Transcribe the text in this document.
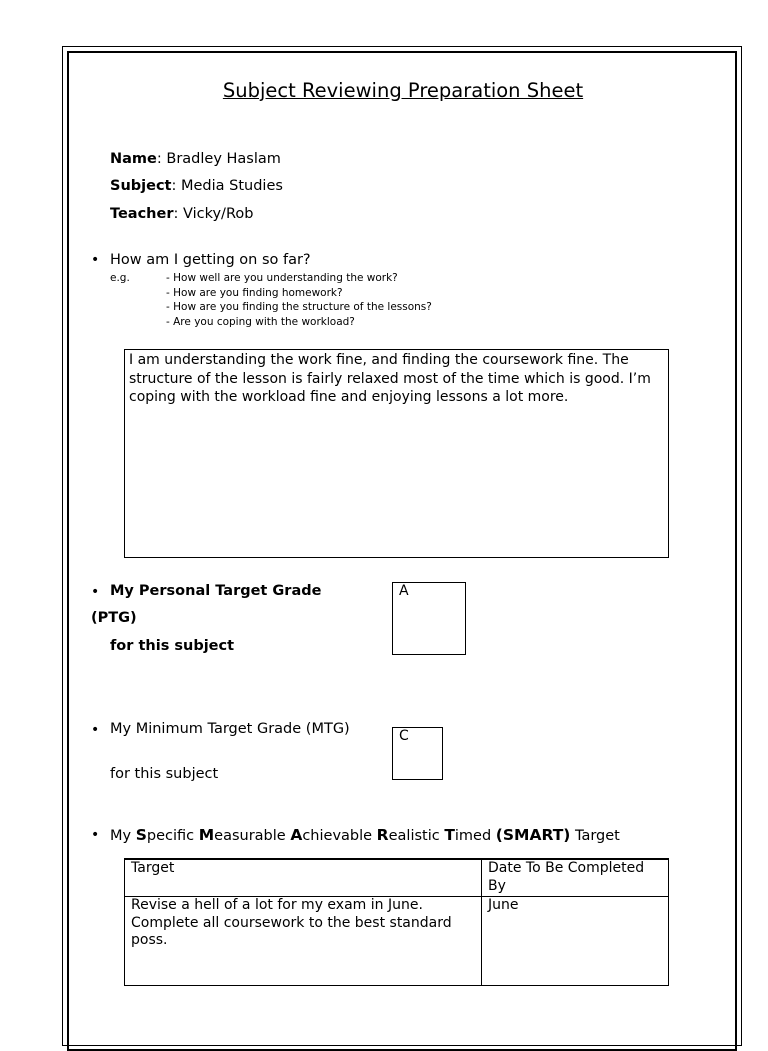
Subject Reviewing Preparation Sheet
Name: Bradley Haslam
Subject: Media Studies
Teacher: Vicky/Rob
• How am I getting on so far?
e.g.	- How well are you understanding the work?
- How are you finding homework?
- How are you finding the structure of the lessons?
- Are you coping with the workload?
I am understanding the work fine, and finding the coursework fine. The structure of the lesson is fairly relaxed most of the time which is good. I’m coping with the workload fine and enjoying lessons a lot more.
• My Personal Target Grade
(PTG)
for this subject
A
• My Minimum Target Grade (MTG)
for this subject
C
• My Specific Measurable Achievable Realistic Timed (SMART) Target
Target	Date To Be Completed By
Revise a hell of a lot for my exam in June. Complete all coursework to the best standard poss.	June
